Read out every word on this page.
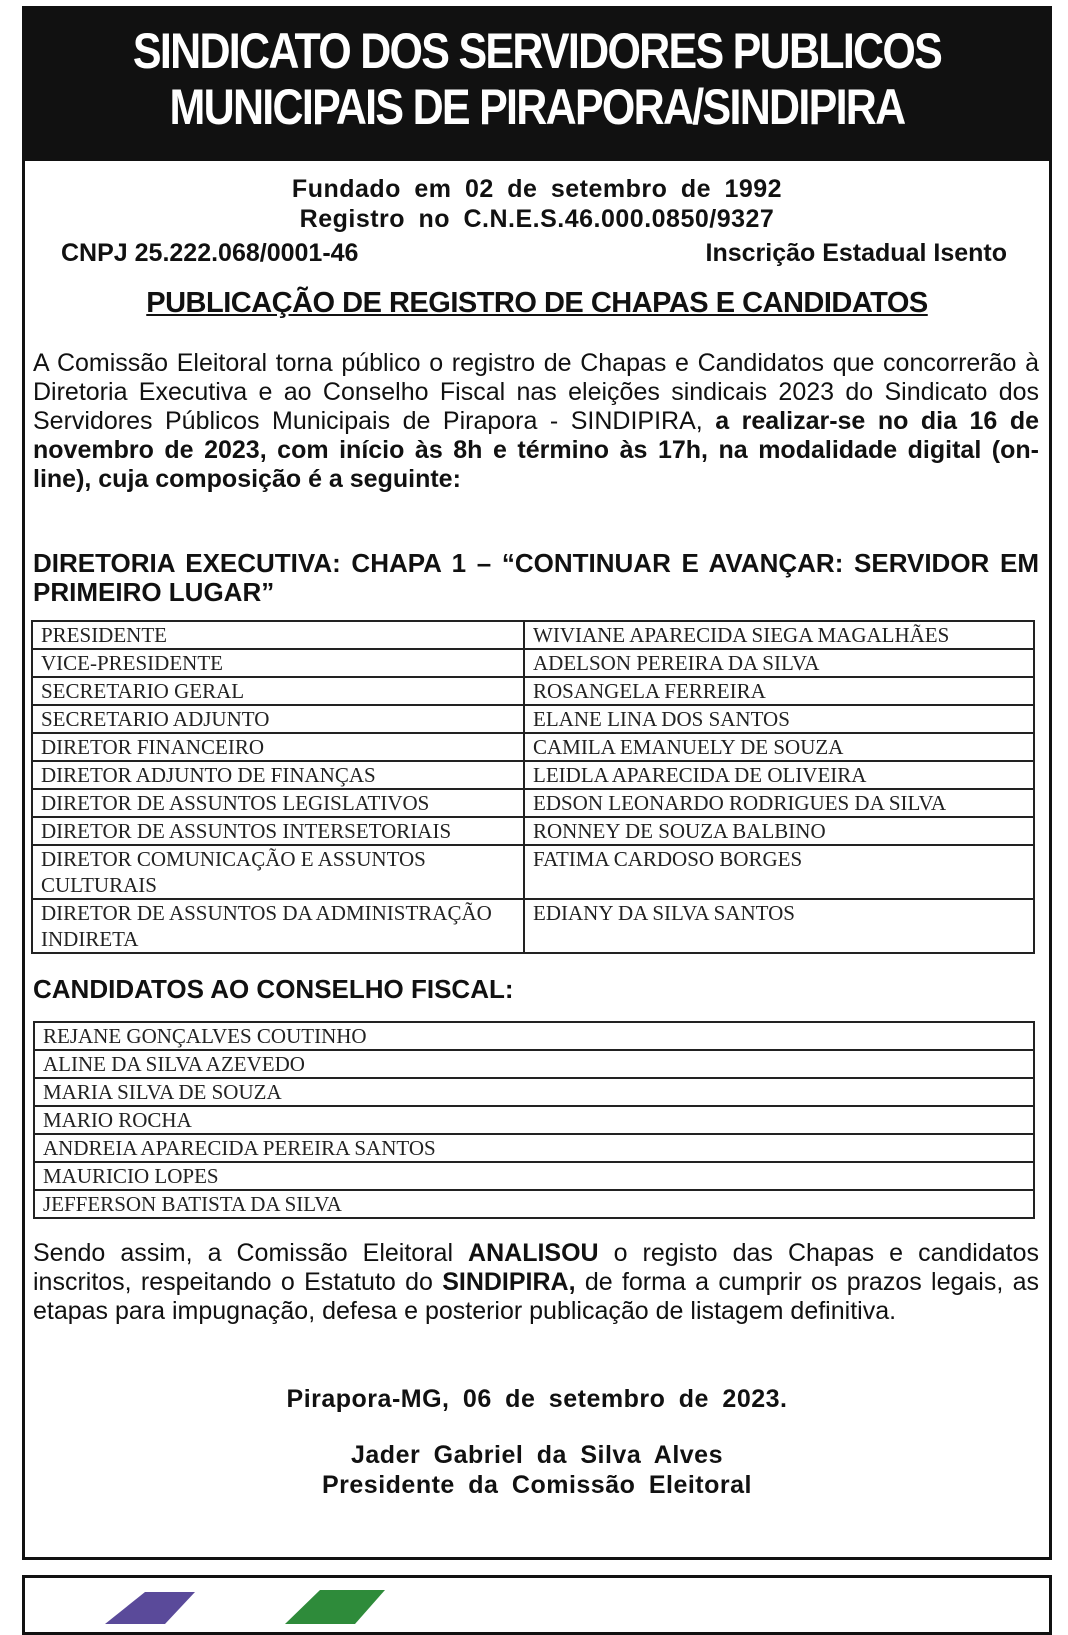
SINDICATO DOS SERVIDORES PUBLICOS
MUNICIPAIS DE PIRAPORA/SINDIPIRA
Fundado em 02 de setembro de 1992
Registro no C.N.E.S.46.000.0850/9327
CNPJ 25.222.068/0001-46	Inscrição Estadual Isento
PUBLICAÇÃO DE REGISTRO DE CHAPAS E CANDIDATOS
A Comissão Eleitoral torna público o registro de Chapas e Candidatos que concorrerão à Diretoria Executiva e ao Conselho Fiscal nas eleições sindicais 2023 do Sindicato dos Servidores Públicos Municipais de Pirapora - SINDIPIRA, a realizar-se no dia 16 de novembro de 2023, com início às 8h e término às 17h, na modalidade digital (on-line), cuja composição é a seguinte:
DIRETORIA EXECUTIVA: CHAPA 1 – “CONTINUAR E AVANÇAR: SERVIDOR EM PRIMEIRO LUGAR”
PRESIDENTE	WIVIANE APARECIDA SIEGA MAGALHÃES
VICE-PRESIDENTE	ADELSON PEREIRA DA SILVA
SECRETARIO GERAL	ROSANGELA FERREIRA
SECRETARIO ADJUNTO	ELANE LINA DOS SANTOS
DIRETOR FINANCEIRO	CAMILA EMANUELY DE SOUZA
DIRETOR ADJUNTO DE FINANÇAS	LEIDLA APARECIDA DE OLIVEIRA
DIRETOR DE ASSUNTOS LEGISLATIVOS	EDSON LEONARDO RODRIGUES DA SILVA
DIRETOR DE ASSUNTOS INTERSETORIAIS	RONNEY DE SOUZA BALBINO
DIRETOR COMUNICAÇÃO E ASSUNTOS CULTURAIS	FATIMA CARDOSO BORGES
DIRETOR DE ASSUNTOS DA ADMINISTRAÇÃO INDIRETA	EDIANY DA SILVA SANTOS
CANDIDATOS AO CONSELHO FISCAL:
REJANE GONÇALVES COUTINHO
ALINE DA SILVA AZEVEDO
MARIA SILVA DE SOUZA
MARIO ROCHA
ANDREIA APARECIDA PEREIRA SANTOS
MAURICIO LOPES
JEFFERSON BATISTA DA SILVA
Sendo assim, a Comissão Eleitoral ANALISOU o registo das Chapas e candidatos inscritos, respeitando o Estatuto do SINDIPIRA, de forma a cumprir os prazos legais, as etapas para impugnação, defesa e posterior publicação de listagem definitiva.
Pirapora-MG, 06 de setembro de 2023.
Jader Gabriel da Silva Alves
Presidente da Comissão Eleitoral
